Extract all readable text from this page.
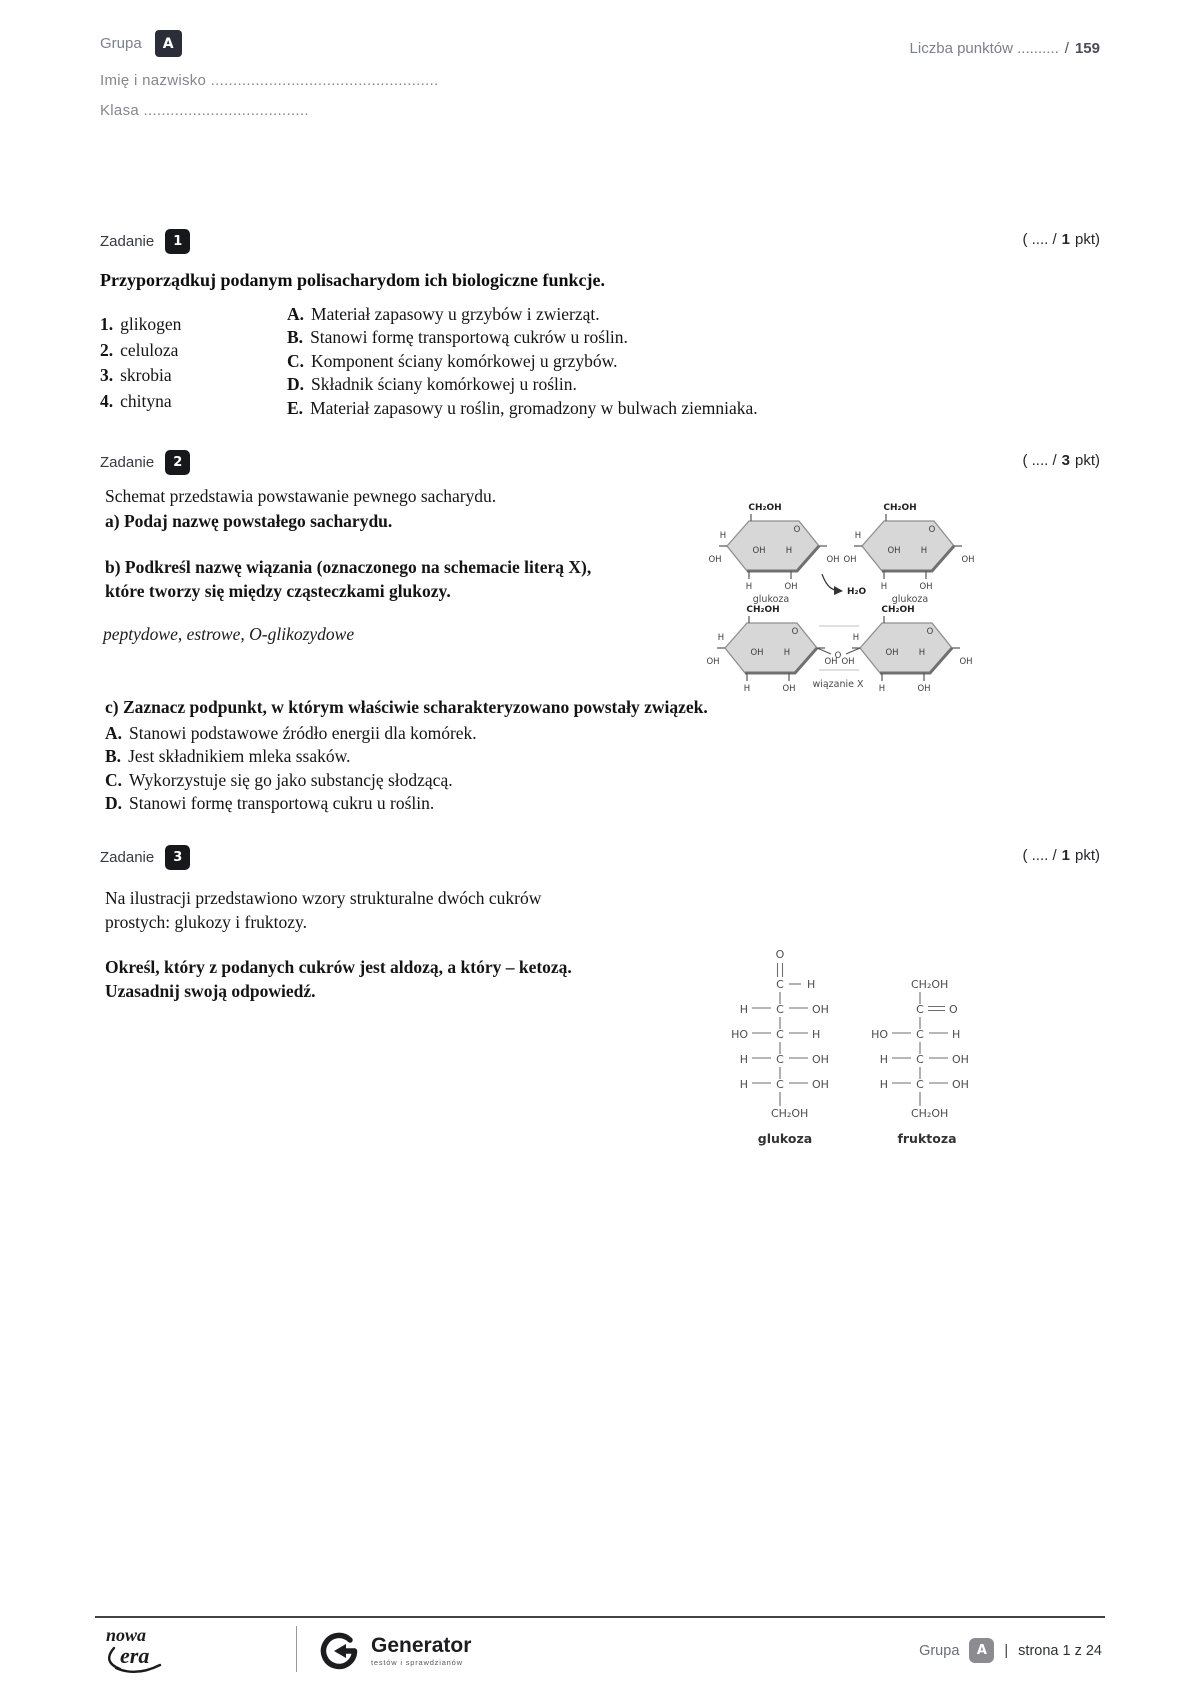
Grupa	A
Imię i nazwisko ...................................................
Klasa .....................................
Liczba punktów .......... / 159
Zadanie	1	( .... / 1 pkt)
Przyporządkuj podanym polisacharydom ich biologiczne funkcje.
1. glikogen
2. celuloza
3. skrobia
4. chityna
A. Materiał zapasowy u grzybów i zwierząt.
B. Stanowi formę transportową cukrów u roślin.
C. Komponent ściany komórkowej u grzybów.
D. Składnik ściany komórkowej u roślin.
E. Materiał zapasowy u roślin, gromadzony w bulwach ziemniaka.
Zadanie	2	( .... / 3 pkt)
Schemat przedstawia powstawanie pewnego sacharydu.
a) Podaj nazwę powstałego sacharydu.
b) Podkreśl nazwę wiązania (oznaczonego na schemacie literą X), które tworzy się między cząsteczkami glukozy.
peptydowe, estrowe, O-glikozydowe
H
OH
OH
glukoza	glukoza
H₂O
O
wiązanie X
c) Zaznacz podpunkt, w którym właściwie scharakteryzowano powstały związek.
A. Stanowi podstawowe źródło energii dla komórek.
B. Jest składnikiem mleka ssaków.
C. Wykorzystuje się go jako substancję słodzącą.
D. Stanowi formę transportową cukru u roślin.
Zadanie	3	( .... / 1 pkt)
Na ilustracji przedstawiono wzory strukturalne dwóch cukrów prostych: glukozy i fruktozy.
Określ, który z podanych cukrów jest aldozą, a który – ketozą. Uzasadnij swoją odpowiedź.
O
C H
H	C	OH
HO	C	H
H	C	OH
H	C	OH
CH₂OH
glukoza
CH₂OH
C O
HO	C	H
H	C	OH
H	C	OH
CH₂OH
fruktoza
nowa
era	Generator
testów i sprawdzianów
Grupa	A	| strona 1 z 24
